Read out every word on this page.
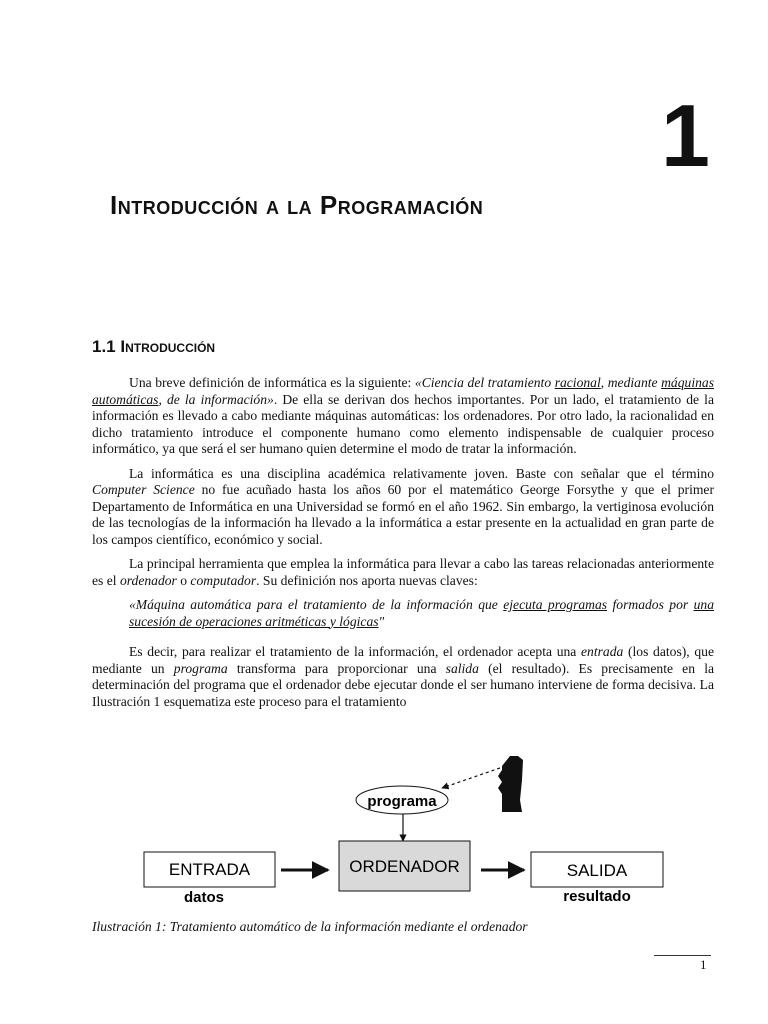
1
Introducción a la Programación
1.1 Introducción

Una breve definición de informática es la siguiente: «Ciencia del tratamiento racional, mediante máquinas automáticas, de la información». De ella se derivan dos hechos importantes. Por un lado, el tratamiento de la información es llevado a cabo mediante máquinas automáticas: los ordenadores. Por otro lado, la racionalidad en dicho tratamiento introduce el componente humano como elemento indispensable de cualquier proceso informático, ya que será el ser humano quien determine el modo de tratar la información.

La informática es una disciplina académica relativamente joven. Baste con señalar que el término Computer Science no fue acuñado hasta los años 60 por el matemático George Forsythe y que el primer Departamento de Informática en una Universidad se formó en el año 1962. Sin embargo, la vertiginosa evolución de las tecnologías de la información ha llevado a la informática a estar presente en la actualidad en gran parte de los campos científico, económico y social.

La principal herramienta que emplea la informática para llevar a cabo las tareas relacionadas anteriormente es el ordenador o computador. Su definición nos aporta nuevas claves:

«Máquina automática para el tratamiento de la información que ejecuta programas formados por una sucesión de operaciones aritméticas y lógicas"

Es decir, para realizar el tratamiento de la información, el ordenador acepta una entrada (los datos), que mediante un programa transforma para proporcionar una salida (el resultado). Es precisamente en la determinación del programa que el ordenador debe ejecutar donde el ser humano interviene de forma decisiva. La Ilustración 1 esquematiza este proceso para el tratamiento

programa
ENTRADA
datos
ORDENADOR	SALIDA
resultado
Ilustración 1: Tratamiento automático de la información mediante el ordenador
1
